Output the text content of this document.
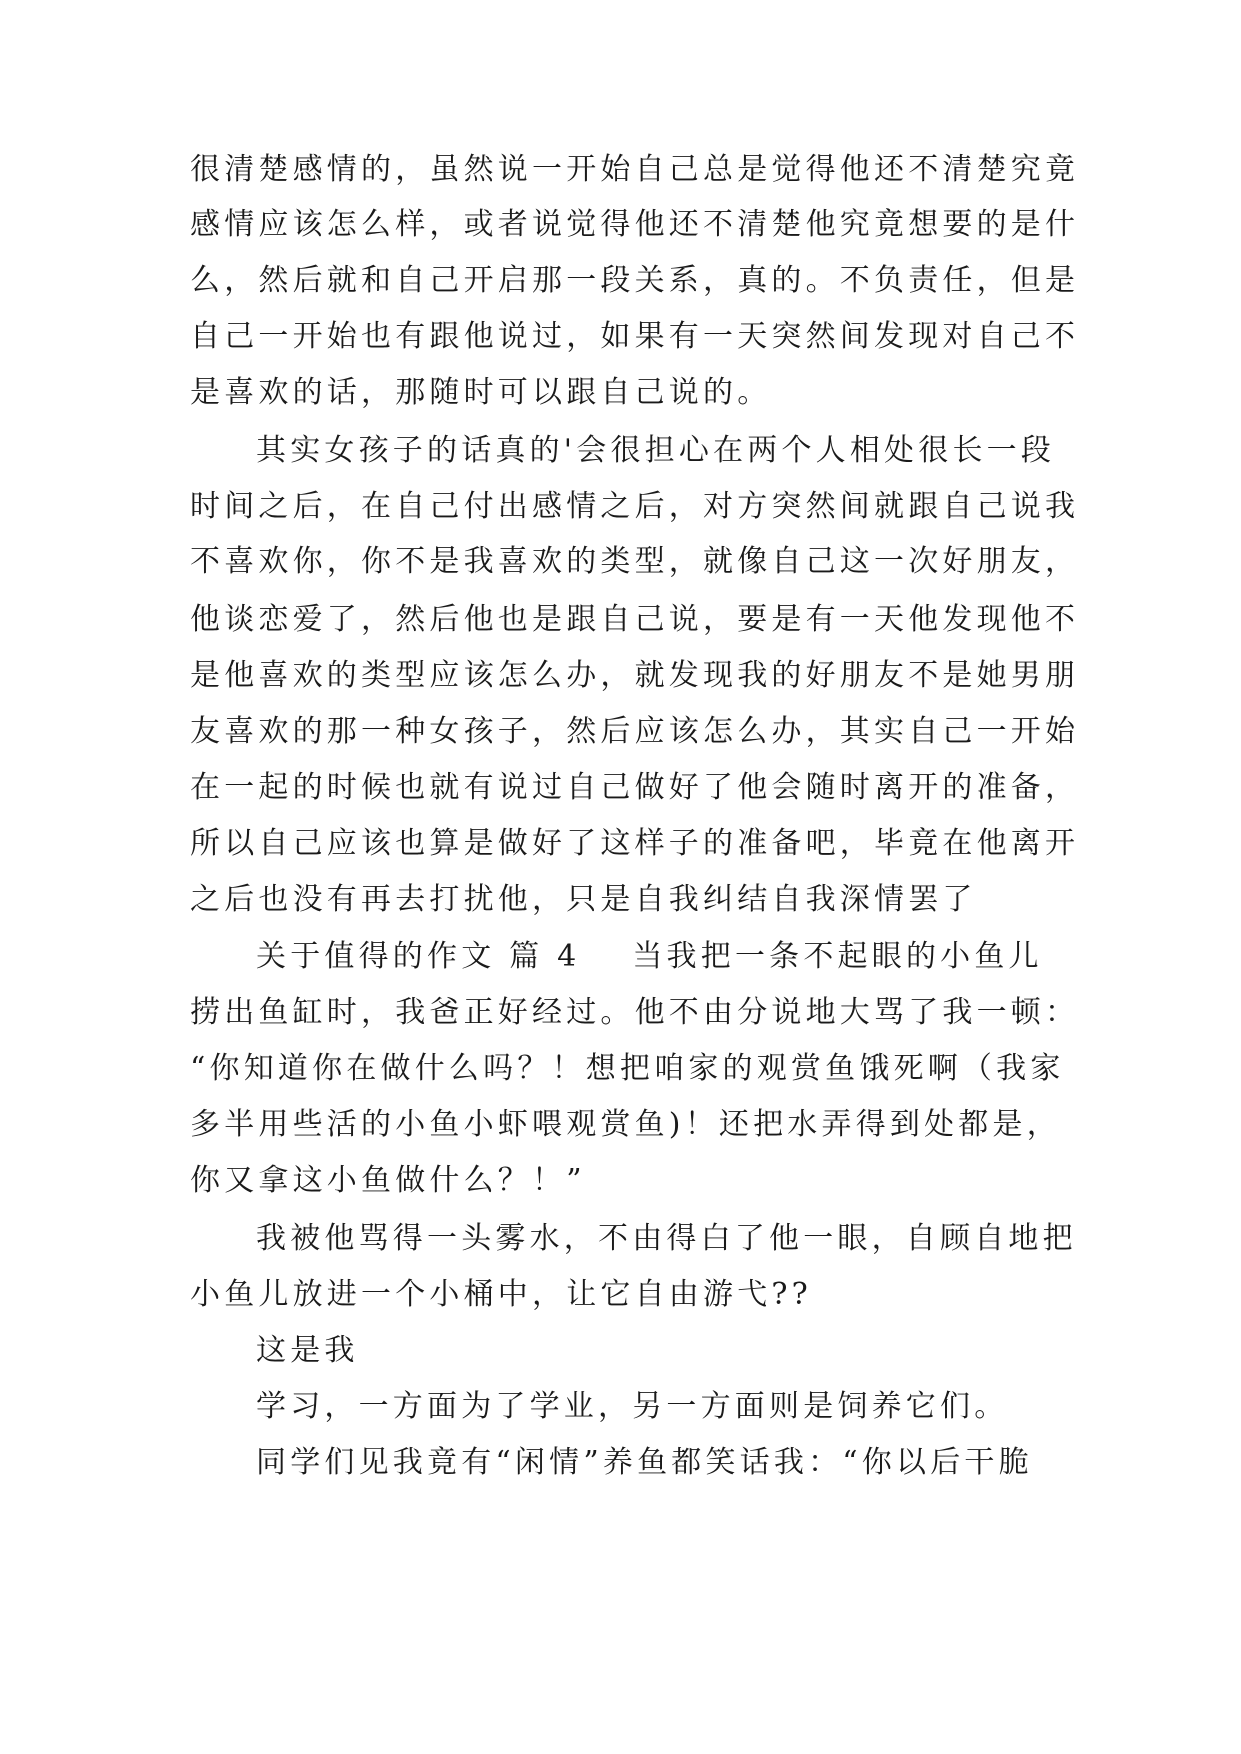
很清楚感情的，虽然说一开始自己总是觉得他还不清楚究竟
感情应该怎么样，或者说觉得他还不清楚他究竟想要的是什
么，然后就和自己开启那一段关系，真的。不负责任，但是
自己一开始也有跟他说过，如果有一天突然间发现对自己不
是喜欢的话，那随时可以跟自己说的。
其实女孩子的话真的'会很担心在两个人相处很长一段
时间之后，在自己付出感情之后，对方突然间就跟自己说我
不喜欢你，你不是我喜欢的类型，就像自己这一次好朋友，
他谈恋爱了，然后他也是跟自己说，要是有一天他发现他不
是他喜欢的类型应该怎么办，就发现我的好朋友不是她男朋
友喜欢的那一种女孩子，然后应该怎么办，其实自己一开始
在一起的时候也就有说过自己做好了他会随时离开的准备，
所以自己应该也算是做好了这样子的准备吧，毕竟在他离开
之后也没有再去打扰他，只是自我纠结自我深情罢了
关于值得的作文 篇 4 当我把一条不起眼的小鱼儿
捞出鱼缸时，我爸正好经过。他不由分说地大骂了我一顿：
“你知道你在做什么吗？！想把咱家的观赏鱼饿死啊（我家
多半用些活的小鱼小虾喂观赏鱼)！还把水弄得到处都是，
你又拿这小鱼做什么？！”
我被他骂得一头雾水，不由得白了他一眼，自顾自地把
小鱼儿放进一个小桶中，让它自由游弋??
这是我
学习，一方面为了学业，另一方面则是饲养它们。
同学们见我竟有“闲情”养鱼都笑话我：“你以后干脆
